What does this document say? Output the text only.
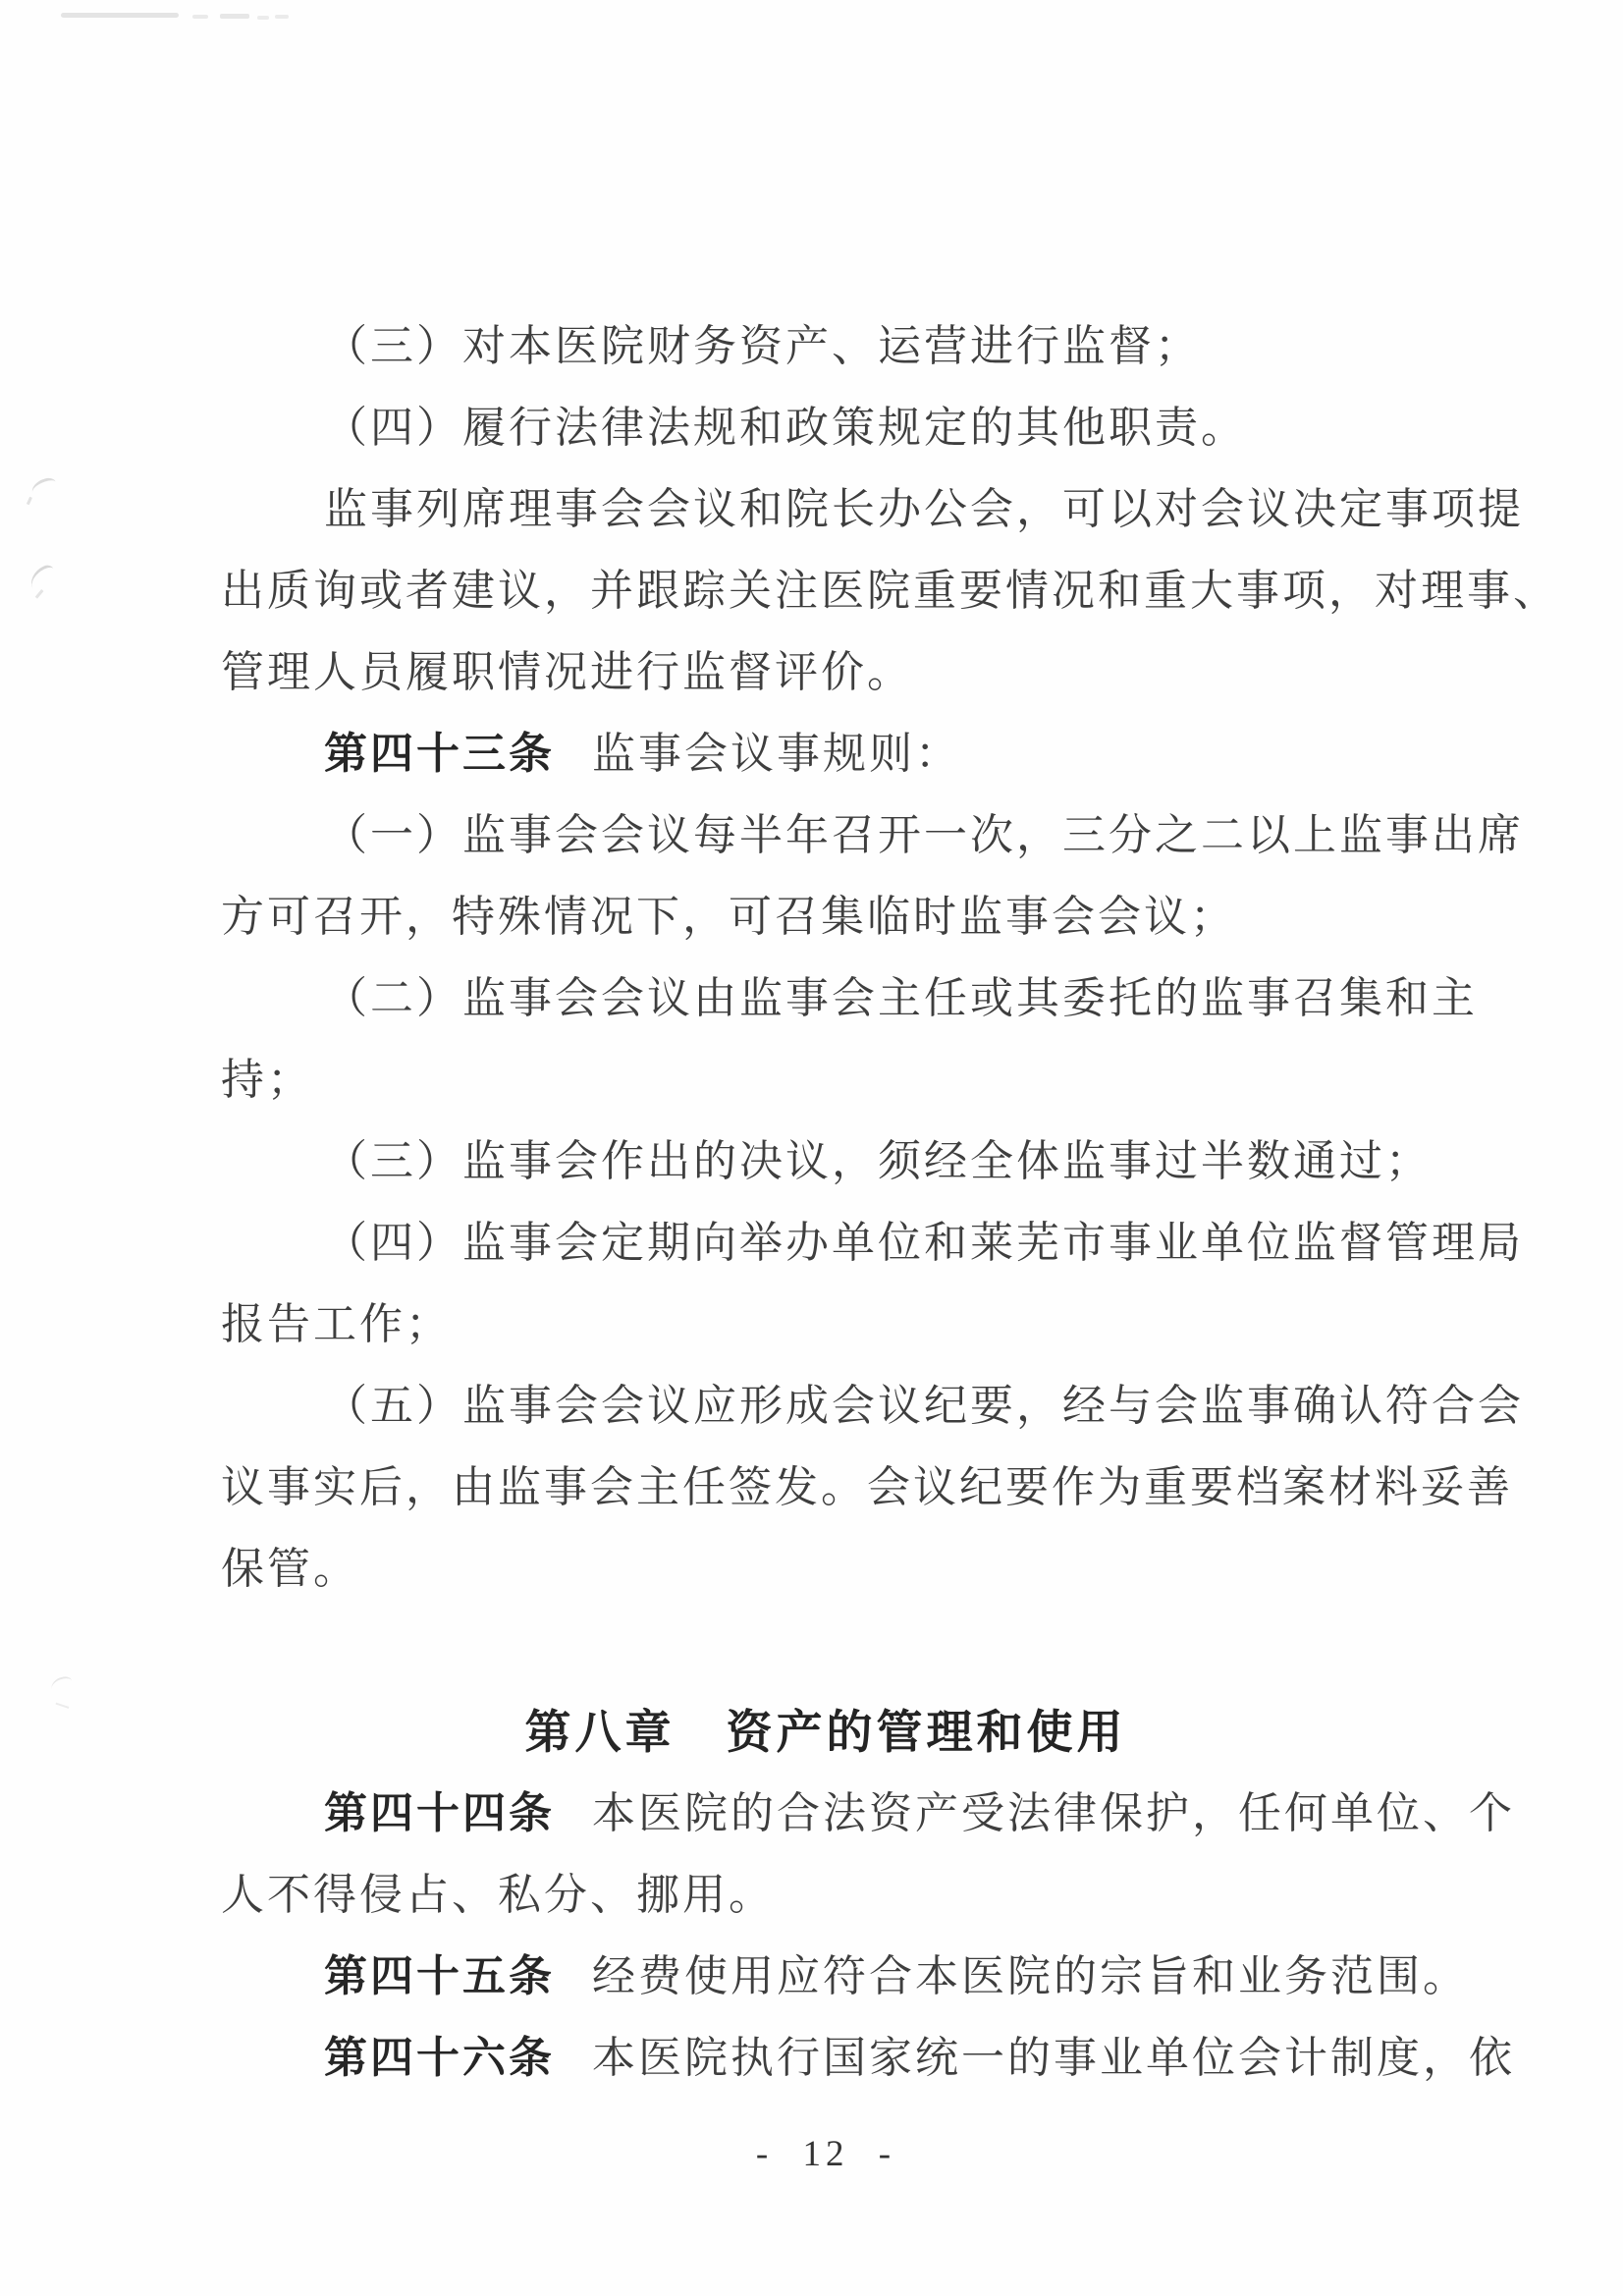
（三）对本医院财务资产、运营进行监督；
（四）履行法律法规和政策规定的其他职责。
监事列席理事会会议和院长办公会，可以对会议决定事项提
出质询或者建议，并跟踪关注医院重要情况和重大事项，对理事、
管理人员履职情况进行监督评价。
第四十三条 监事会议事规则：
（一）监事会会议每半年召开一次，三分之二以上监事出席
方可召开，特殊情况下，可召集临时监事会会议；
（二）监事会会议由监事会主任或其委托的监事召集和主
持；
（三）监事会作出的决议，须经全体监事过半数通过；
（四）监事会定期向举办单位和莱芜市事业单位监督管理局
报告工作；
（五）监事会会议应形成会议纪要，经与会监事确认符合会
议事实后，由监事会主任签发。会议纪要作为重要档案材料妥善
保管。
第八章 资产的管理和使用
第四十四条 本医院的合法资产受法律保护，任何单位、个
人不得侵占、私分、挪用。
第四十五条 经费使用应符合本医院的宗旨和业务范围。
第四十六条 本医院执行国家统一的事业单位会计制度，依
- 12 -
